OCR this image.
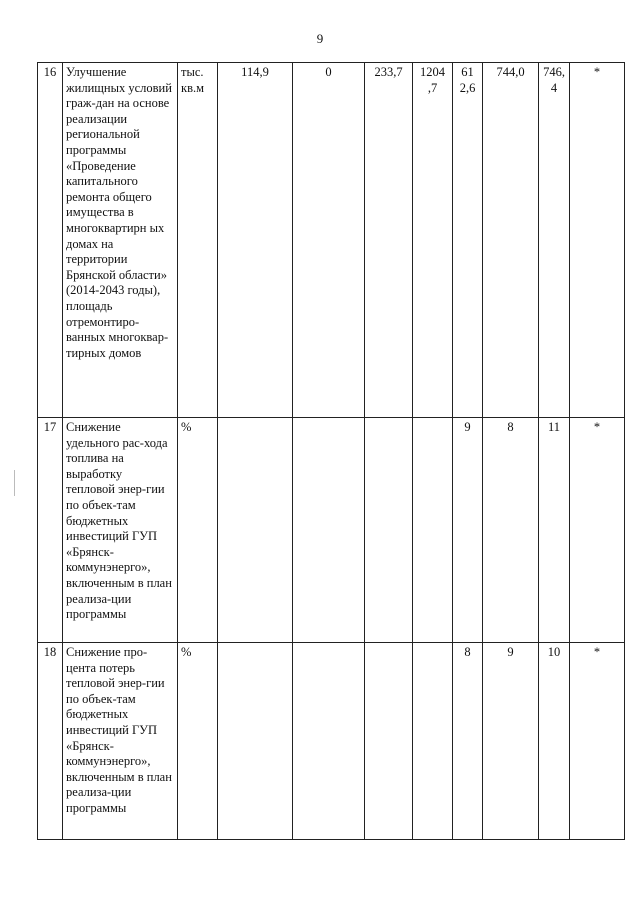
9
16	Улучшение жилищных условий граж-дан на основе реализации региональной программы «Проведение капитального ремонта общего имущества в многоквартирн ых домах на территории Брянской области» (2014-2043 годы), площадь отремонтиро-ванных многоквар-тирных домов	тыс. кв.м	114,9	0	233,7	1204 ,7	61 2,6	744,0	746, 4	*
17	Снижение удельного рас-хода топлива на выработку тепловой энер-гии по объек-там бюджетных инвестиций ГУП «Брянск-коммунэнерго», включенным в план реализа-ции программы	%					9	8	11	*
18	Снижение про-цента потерь тепловой энер-гии по объек-там бюджетных инвестиций ГУП «Брянск-коммунэнерго», включенным в план реализа-ции программы	%					8	9	10	*
